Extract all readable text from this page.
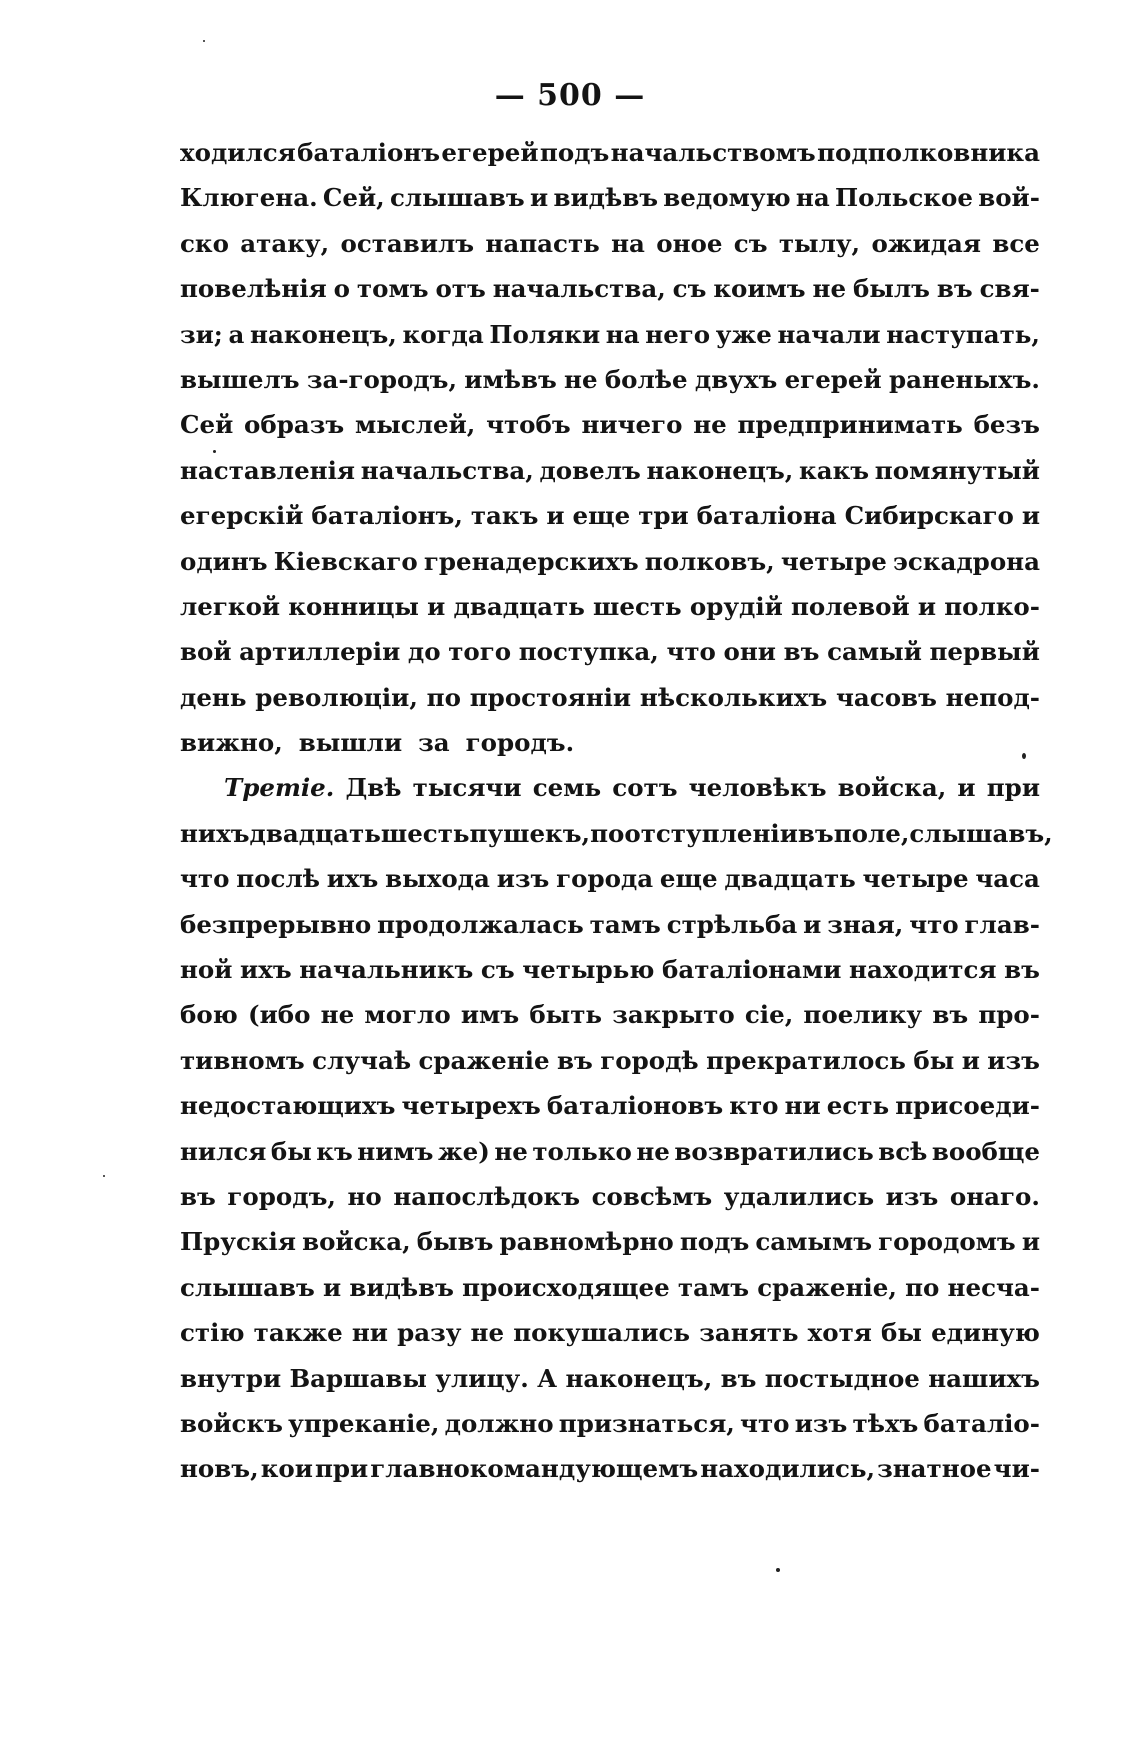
— 500 —
ходился баталіонъ егерей подъ начальствомъ подполковника
Клюгена. Сей, слышавъ и видѣвъ ведомую на Польское вой-
ско атаку, оставилъ напасть на оное съ тылу, ожидая все
повелѣнія о томъ отъ начальства, съ коимъ не былъ въ свя-
зи; а наконецъ, когда Поляки на него уже начали наступать,
вышелъ за-городъ, имѣвъ не болѣе двухъ егерей раненыхъ.
Сей образъ мыслей, чтобъ ничего не предпринимать безъ
наставленія начальства, довелъ наконецъ, какъ помянутый
егерскій баталіонъ, такъ и еще три баталіона Сибирскаго и
одинъ Кіевскаго гренадерскихъ полковъ, четыре эскадрона
легкой конницы и двадцать шесть орудій полевой и полко-
вой артиллеріи до того поступка, что они въ самый первый
день революціи, по простояніи нѣсколькихъ часовъ непод-
вижно, вышли за городъ.
Третіе. Двѣ тысячи семь сотъ человѣкъ войска, и при
нихъ двадцать шесть пушекъ, по отступленіи въ поле, слышавъ,
что послѣ ихъ выхода изъ города еще двадцать четыре часа
безпрерывно продолжалась тамъ стрѣльба и зная, что глав-
ной ихъ начальникъ съ четырью баталіонами находится въ
бою (ибо не могло имъ быть закрыто сіе, поелику въ про-
тивномъ случаѣ сраженіе въ городѣ прекратилось бы и изъ
недостающихъ четырехъ баталіоновъ кто ни есть присоеди-
нился бы къ нимъ же) не только не возвратились всѣ вообще
въ городъ, но напослѣдокъ совсѣмъ удалились изъ онаго.
Прускія войска, бывъ равномѣрно подъ самымъ городомъ и
слышавъ и видѣвъ происходящее тамъ сраженіе, по несча-
стію также ни разу не покушались занять хотя бы единую
внутри Варшавы улицу. А наконецъ, въ постыдное нашихъ
войскъ упреканіе, должно признаться, что изъ тѣхъ баталіо-
новъ, кои при главнокомандующемъ находились, знатное чи-
